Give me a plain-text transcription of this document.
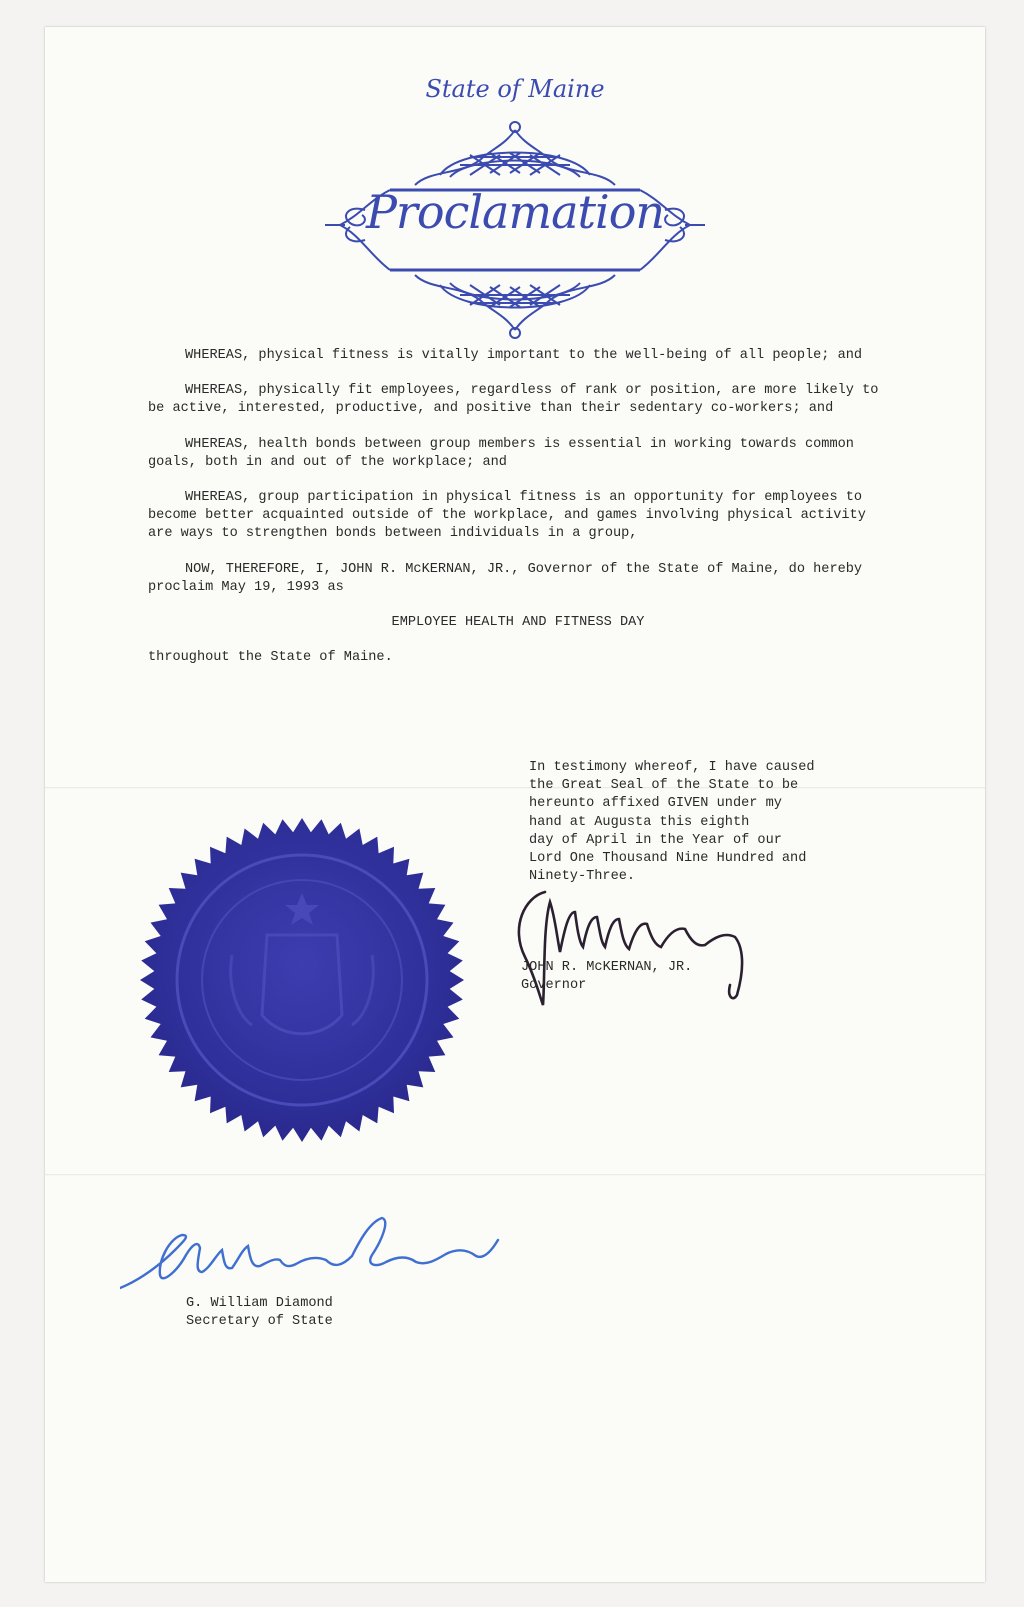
State of Maine
Proclamation

WHEREAS, physical fitness is vitally important to the well-being of all people; and

WHEREAS, physically fit employees, regardless of rank or position, are more likely to be active, interested, productive, and positive than their sedentary co-workers; and

WHEREAS, health bonds between group members is essential in working towards common goals, both in and out of the workplace; and

WHEREAS, group participation in physical fitness is an opportunity for employees to become better acquainted outside of the workplace, and games involving physical activity are ways to strengthen bonds between individuals in a group,

NOW, THEREFORE, I, JOHN R. McKERNAN, JR., Governor of the State of Maine, do hereby proclaim May 19, 1993 as

EMPLOYEE HEALTH AND FITNESS DAY

throughout the State of Maine.

In testimony whereof, I have caused
the Great Seal of the State to be
hereunto affixed GIVEN under my
hand at Augusta this eighth
day of April in the Year of our
Lord One Thousand Nine Hundred and
Ninety-Three.
JOHN R. McKERNAN, JR.
Governor
G. William Diamond
Secretary of State
